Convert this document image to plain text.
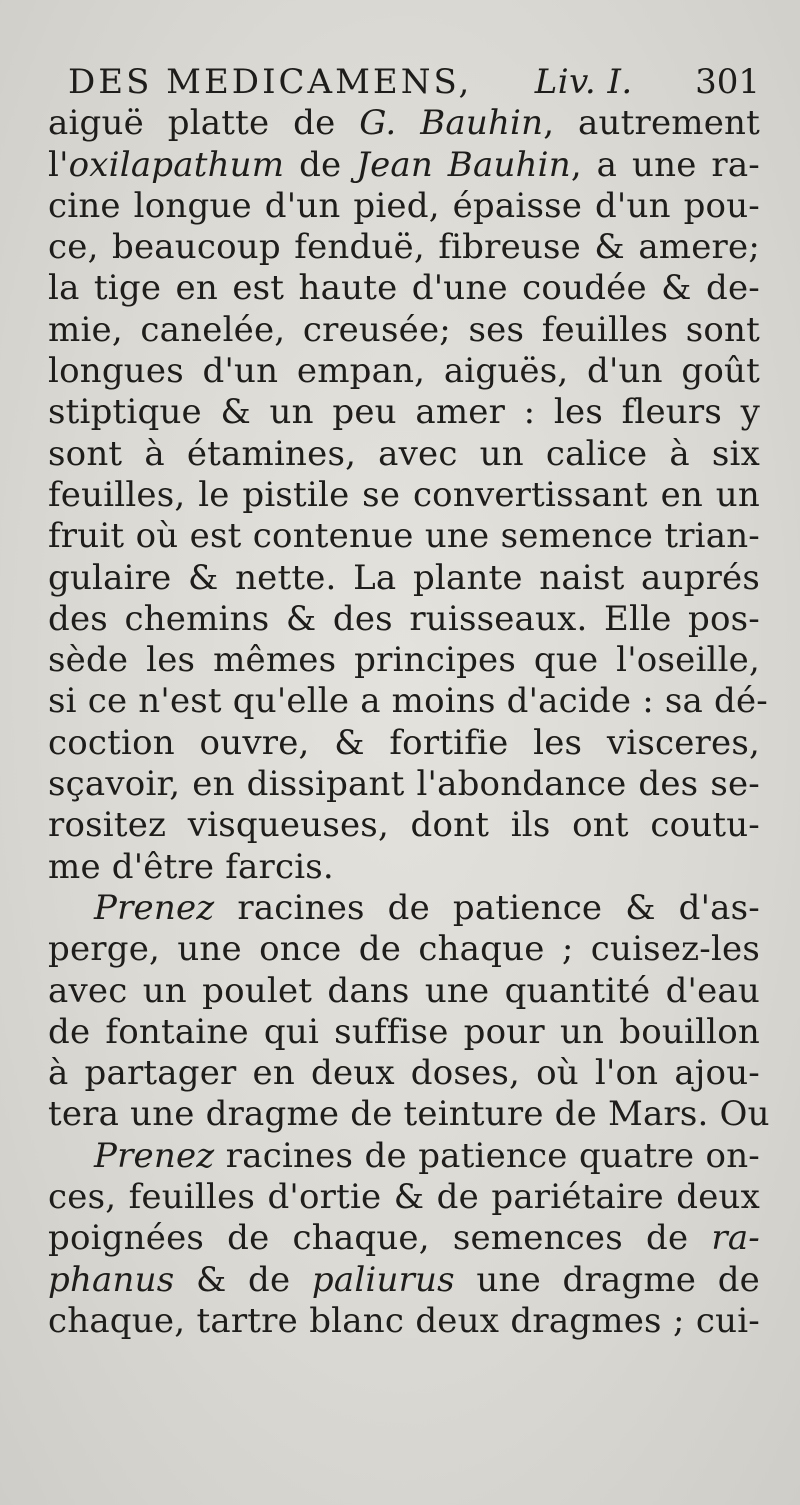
DES MEDICAMENS, Liv. I. 301
aiguë platte de G. Bauhin, autrement
l'oxilapathum de Jean Bauhin, a une ra-
cine longue d'un pied, épaisse d'un pou-
ce, beaucoup fenduë, fibreuse & amere;
la tige en est haute d'une coudée & de-
mie, canelée, creusée; ses feuilles sont
longues d'un empan, aiguës, d'un goût
stiptique & un peu amer : les fleurs y
sont à étamines, avec un calice à six
feuilles, le pistile se convertissant en un
fruit où est contenue une semence trian-
gulaire & nette. La plante naist auprés
des chemins & des ruisseaux. Elle pos-
sède les mêmes principes que l'oseille,
si ce n'est qu'elle a moins d'acide : sa dé-
coction ouvre, & fortifie les visceres,
sçavoir, en dissipant l'abondance des se-
rositez visqueuses, dont ils ont coutu-
me d'être farcis.
Prenez racines de patience & d'as-
perge, une once de chaque ; cuisez-les
avec un poulet dans une quantité d'eau
de fontaine qui suffise pour un bouillon
à partager en deux doses, où l'on ajou-
tera une dragme de teinture de Mars. Ou
Prenez racines de patience quatre on-
ces, feuilles d'ortie & de pariétaire deux
poignées de chaque, semences de ra-
phanus & de paliurus une dragme de
chaque, tartre blanc deux dragmes ; cui-
